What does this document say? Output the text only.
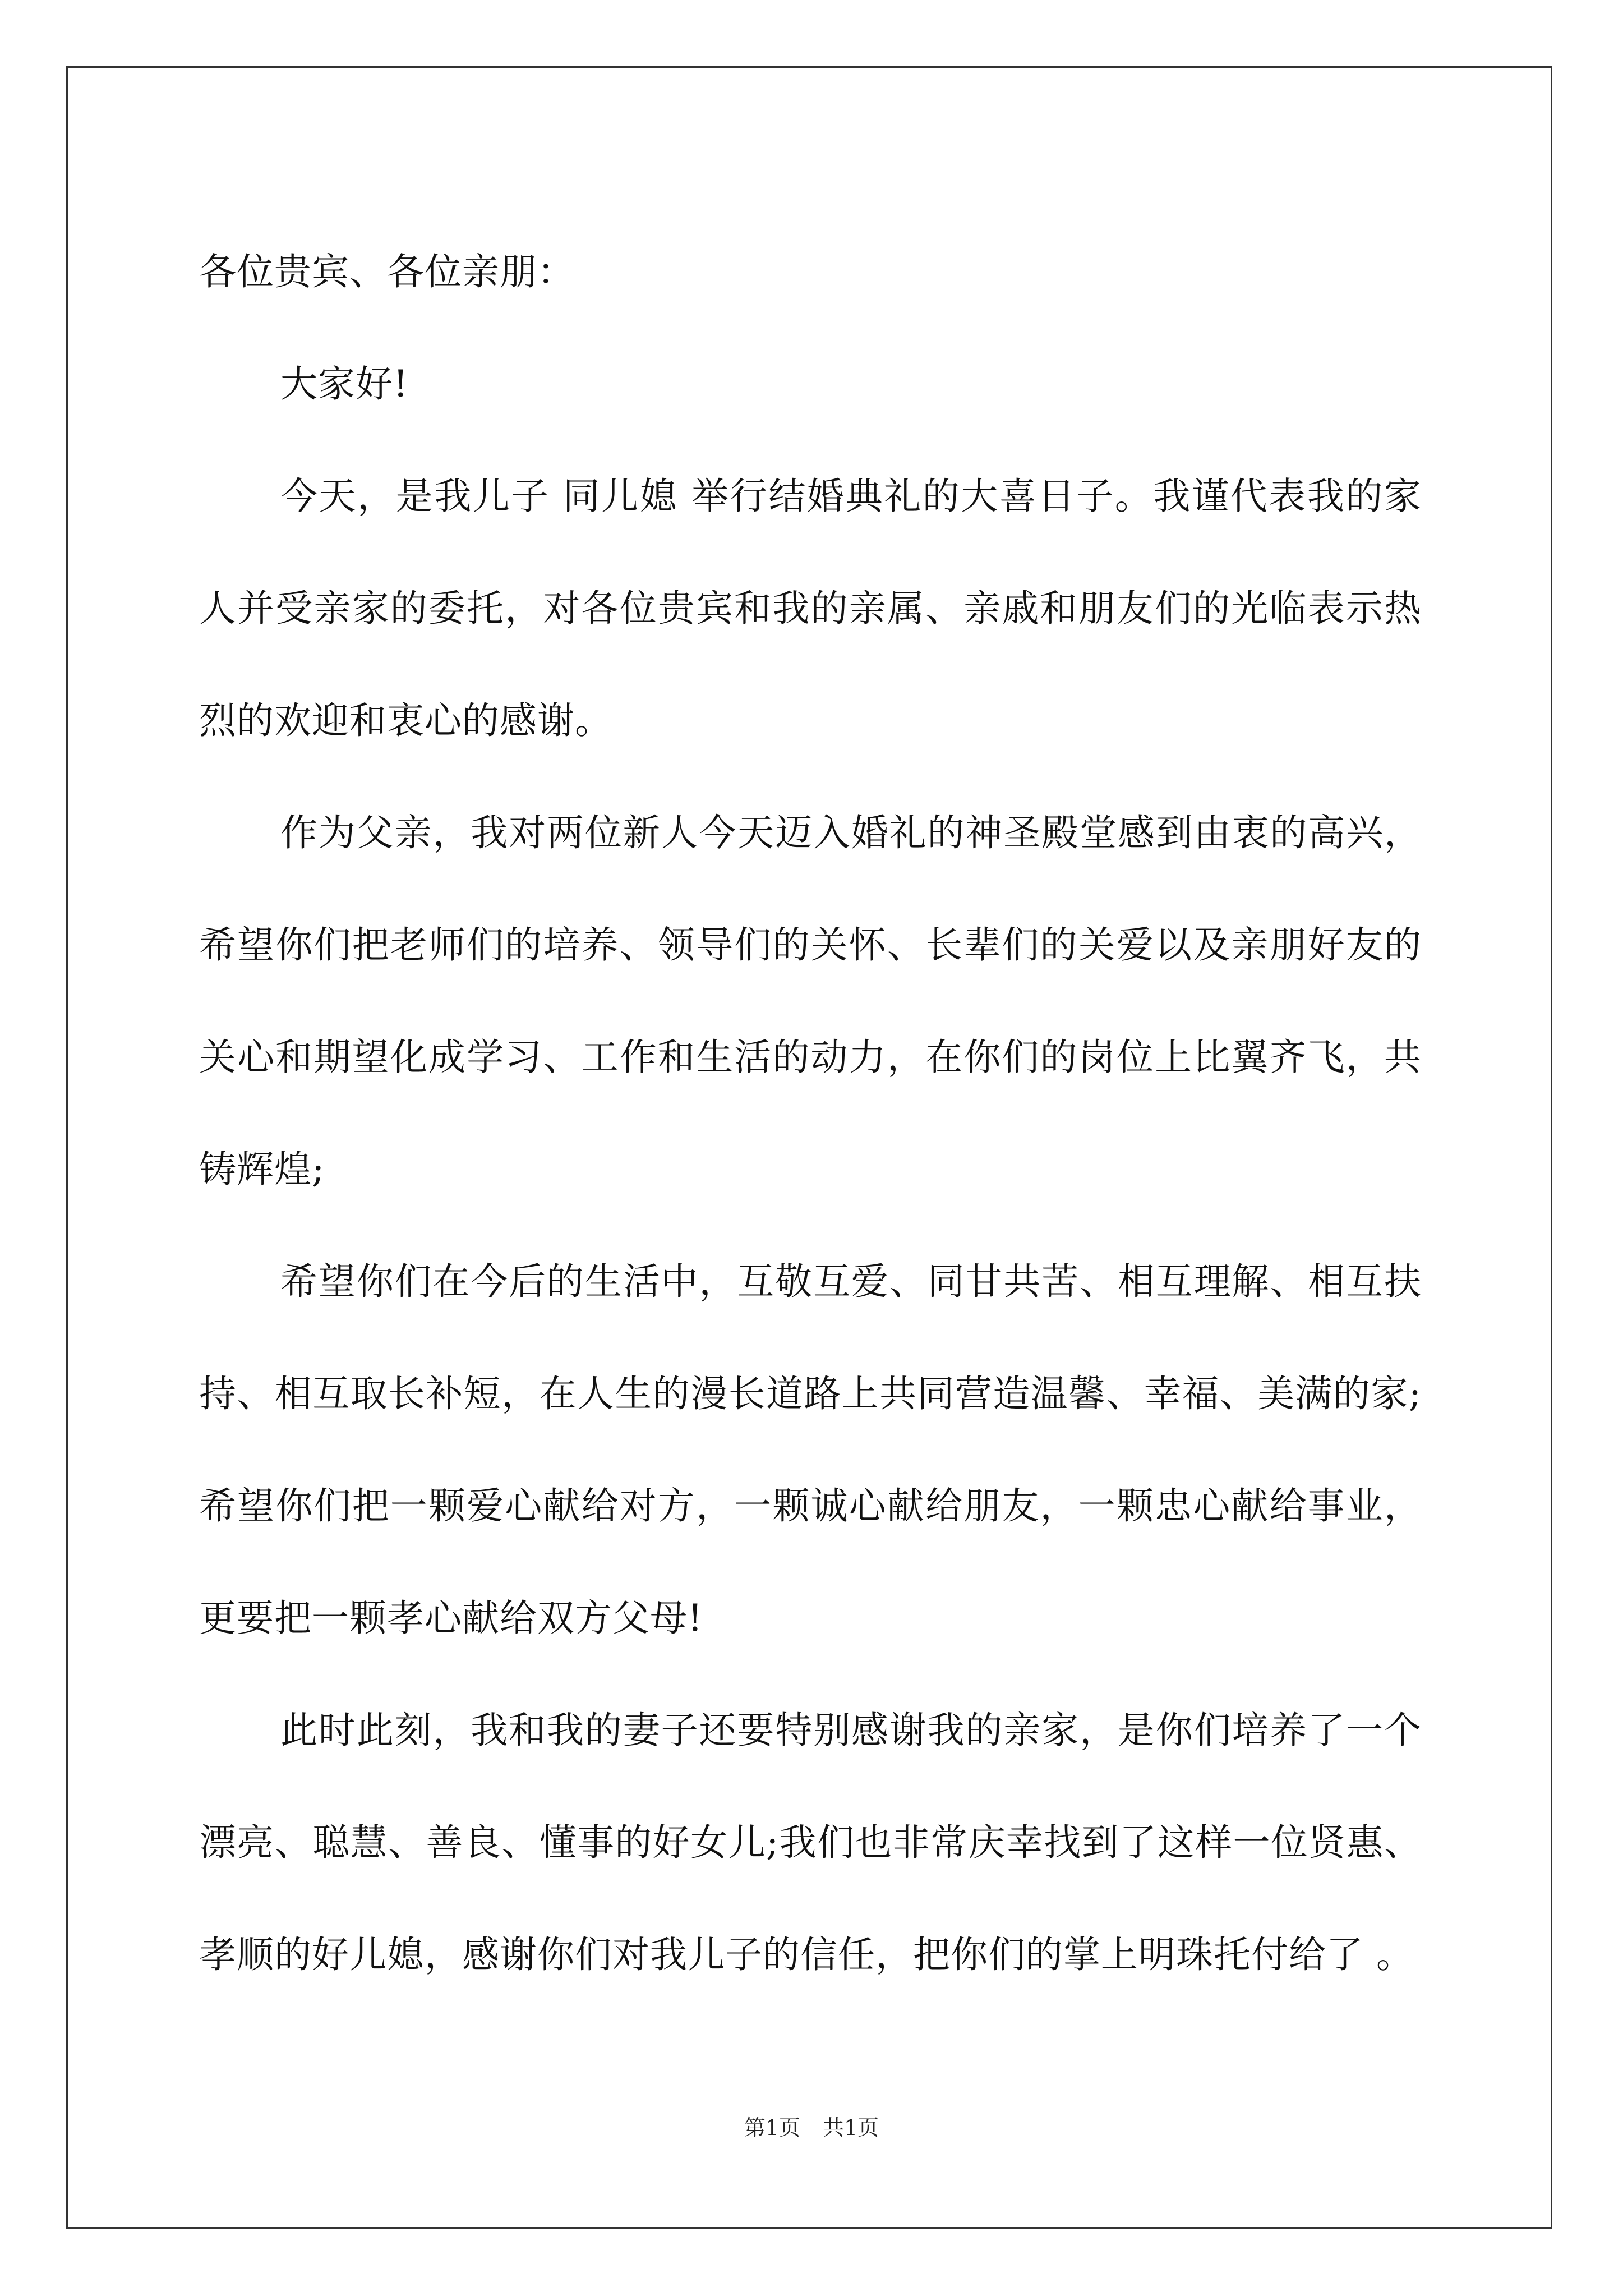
各位贵宾、各位亲朋：

大家好!

今天，是我儿子 同儿媳 举行结婚典礼的大喜日子。我谨代表我的家人并受亲家的委托，对各位贵宾和我的亲属、亲戚和朋友们的光临表示热烈的欢迎和衷心的感谢。

作为父亲，我对两位新人今天迈入婚礼的神圣殿堂感到由衷的高兴，希望你们把老师们的培养、领导们的关怀、长辈们的关爱以及亲朋好友的关心和期望化成学习、工作和生活的动力，在你们的岗位上比翼齐飞，共铸辉煌;

希望你们在今后的生活中，互敬互爱、同甘共苦、相互理解、相互扶持、相互取长补短，在人生的漫长道路上共同营造温馨、幸福、美满的家;希望你们把一颗爱心献给对方，一颗诚心献给朋友，一颗忠心献给事业，更要把一颗孝心献给双方父母!

此时此刻，我和我的妻子还要特别感谢我的亲家，是你们培养了一个漂亮、聪慧、善良、懂事的好女儿;我们也非常庆幸找到了这样一位贤惠、孝顺的好儿媳，感谢你们对我儿子的信任，把你们的掌上明珠托付给了 。

第1页 共1页
